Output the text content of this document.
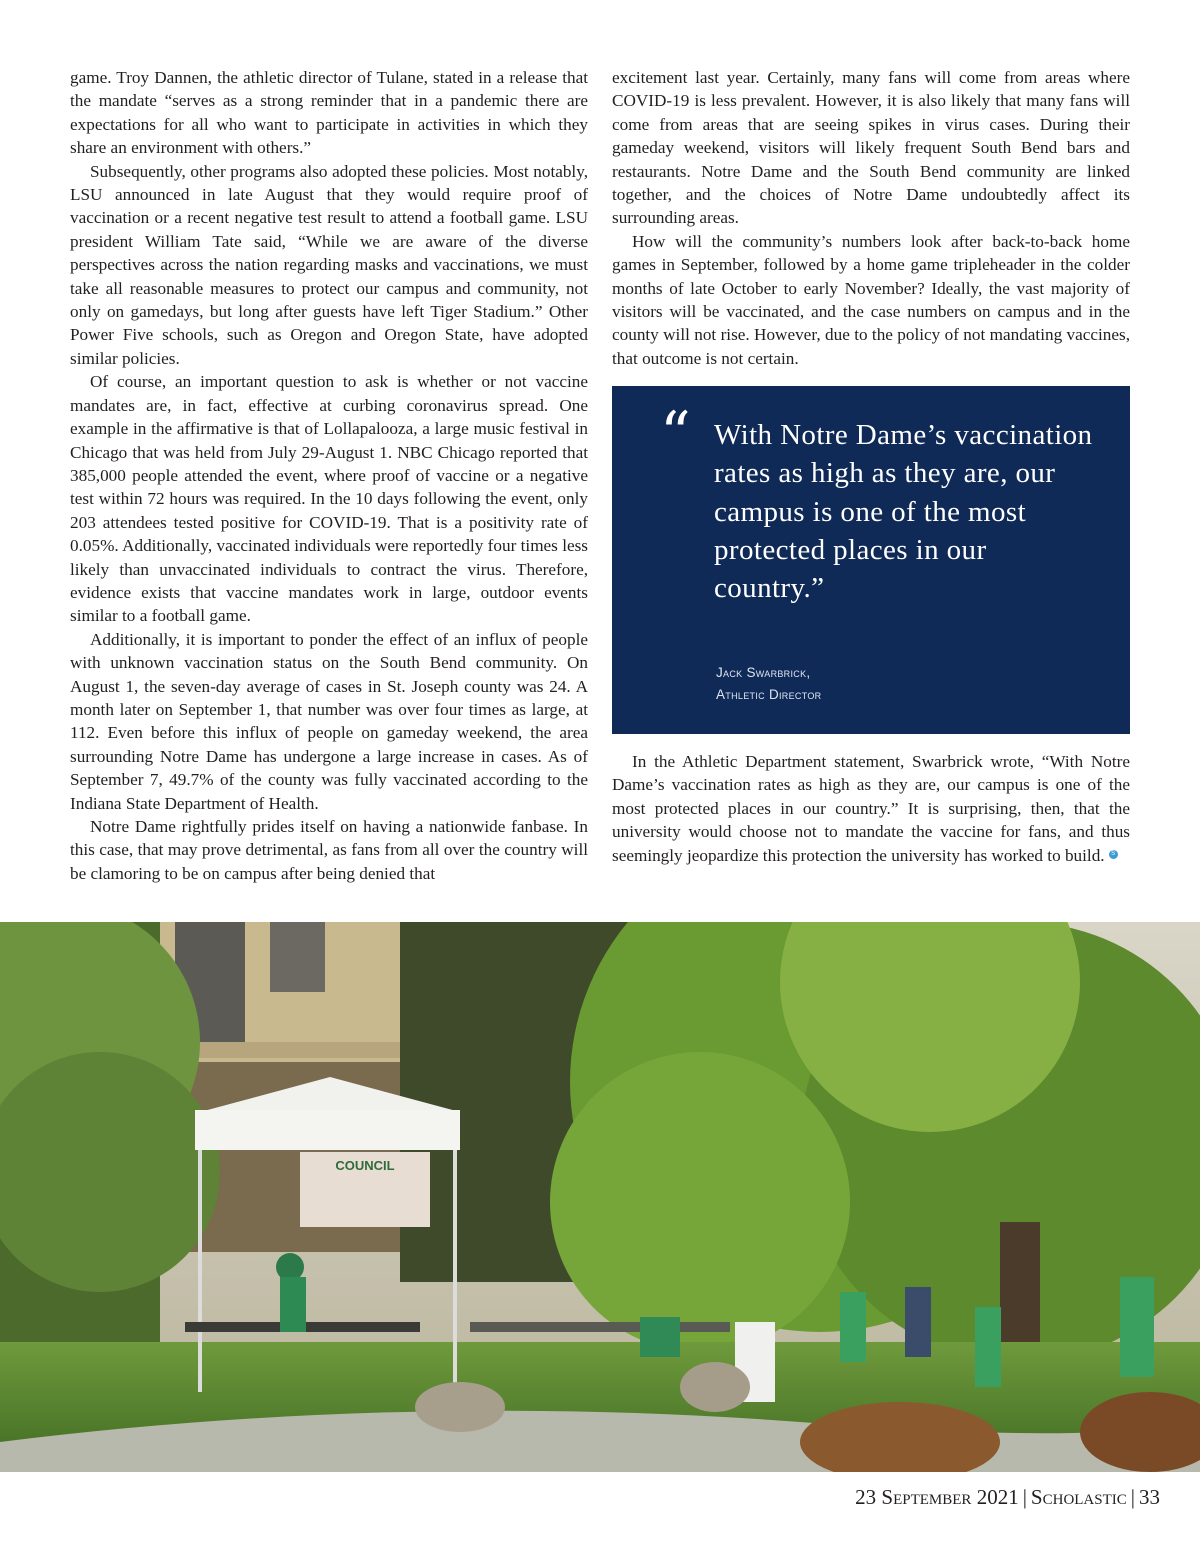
game. Troy Dannen, the athletic director of Tulane, stated in a release that the mandate “serves as a strong reminder that in a pandemic there are expectations for all who want to participate in activities in which they share an environment with others.”

Subsequently, other programs also adopted these policies. Most notably, LSU announced in late August that they would require proof of vaccination or a recent negative test result to attend a football game. LSU president William Tate said, “While we are aware of the diverse perspectives across the nation regarding masks and vaccinations, we must take all reasonable measures to protect our campus and community, not only on gamedays, but long after guests have left Tiger Stadium.” Other Power Five schools, such as Oregon and Oregon State, have adopted similar policies.

Of course, an important question to ask is whether or not vaccine mandates are, in fact, effective at curbing coronavirus spread. One example in the affirmative is that of Lollapalooza, a large music festival in Chicago that was held from July 29-August 1. NBC Chicago reported that 385,000 people attended the event, where proof of vaccine or a negative test within 72 hours was required. In the 10 days following the event, only 203 attendees tested positive for COVID-19. That is a positivity rate of 0.05%. Additionally, vaccinated individuals were reportedly four times less likely than unvaccinated individuals to contract the virus. Therefore, evidence exists that vaccine mandates work in large, outdoor events similar to a football game.

Additionally, it is important to ponder the effect of an influx of people with unknown vaccination status on the South Bend community. On August 1, the seven-day average of cases in St. Joseph county was 24. A month later on September 1, that number was over four times as large, at 112. Even before this influx of people on gameday weekend, the area surrounding Notre Dame has undergone a large increase in cases. As of September 7, 49.7% of the county was fully vaccinated according to the Indiana State Department of Health.

Notre Dame rightfully prides itself on having a nationwide fanbase. In this case, that may prove detrimental, as fans from all over the country will be clamoring to be on campus after being denied that

excitement last year. Certainly, many fans will come from areas where COVID-19 is less prevalent. However, it is also likely that many fans will come from areas that are seeing spikes in virus cases. During their gameday weekend, visitors will likely frequent South Bend bars and restaurants. Notre Dame and the South Bend community are linked together, and the choices of Notre Dame undoubtedly affect its surrounding areas.

How will the community’s numbers look after back-to-back home games in September, followed by a home game tripleheader in the colder months of late October to early November? Ideally, the vast majority of visitors will be vaccinated, and the case numbers on campus and in the county will not rise. However, due to the policy of not mandating vaccines, that outcome is not certain.

“ With Notre Dame’s vaccination rates as high as they are, our campus is one of the most protected places in our country.”
Jack Swarbrick,
Athletic Director

In the Athletic Department statement, Swarbrick wrote, “With Notre Dame’s vaccination rates as high as they are, our campus is one of the most protected places in our country.” It is surprising, then, that the university would choose not to mandate the vaccine for fans, and thus seemingly jeopardize this protection the university has worked to build. S

COUNCIL
23 September 2021 | Scholastic | 33
